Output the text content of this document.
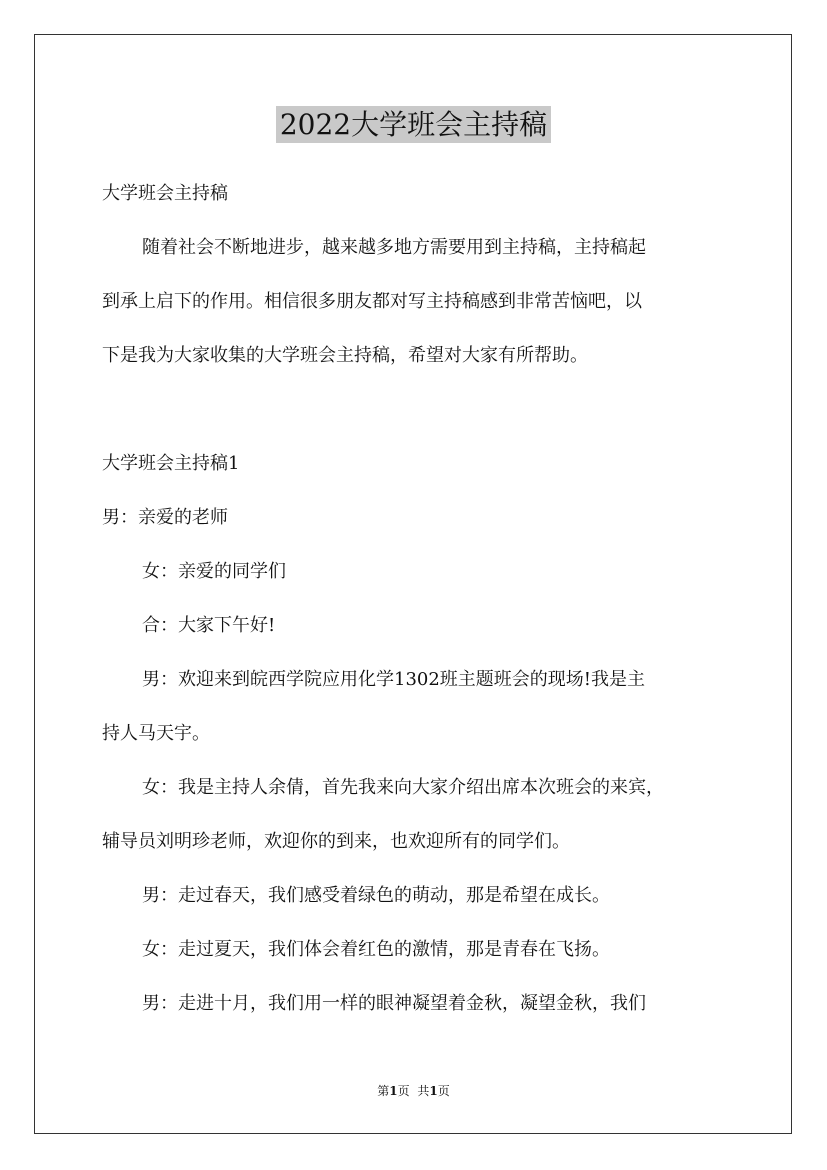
2022大学班会主持稿

大学班会主持稿

随着社会不断地进步，越来越多地方需要用到主持稿，主持稿起

到承上启下的作用。相信很多朋友都对写主持稿感到非常苦恼吧，以

下是我为大家收集的大学班会主持稿，希望对大家有所帮助。

大学班会主持稿1

男：亲爱的老师

女：亲爱的同学们

合：大家下午好!

男：欢迎来到皖西学院应用化学1302班主题班会的现场!我是主

持人马天宇。

女：我是主持人余倩，首先我来向大家介绍出席本次班会的来宾，

辅导员刘明珍老师，欢迎你的到来，也欢迎所有的同学们。

男：走过春天，我们感受着绿色的萌动，那是希望在成长。

女：走过夏天，我们体会着红色的激情，那是青春在飞扬。

男：走进十月，我们用一样的眼神凝望着金秋，凝望金秋，我们

第1页 共1页
